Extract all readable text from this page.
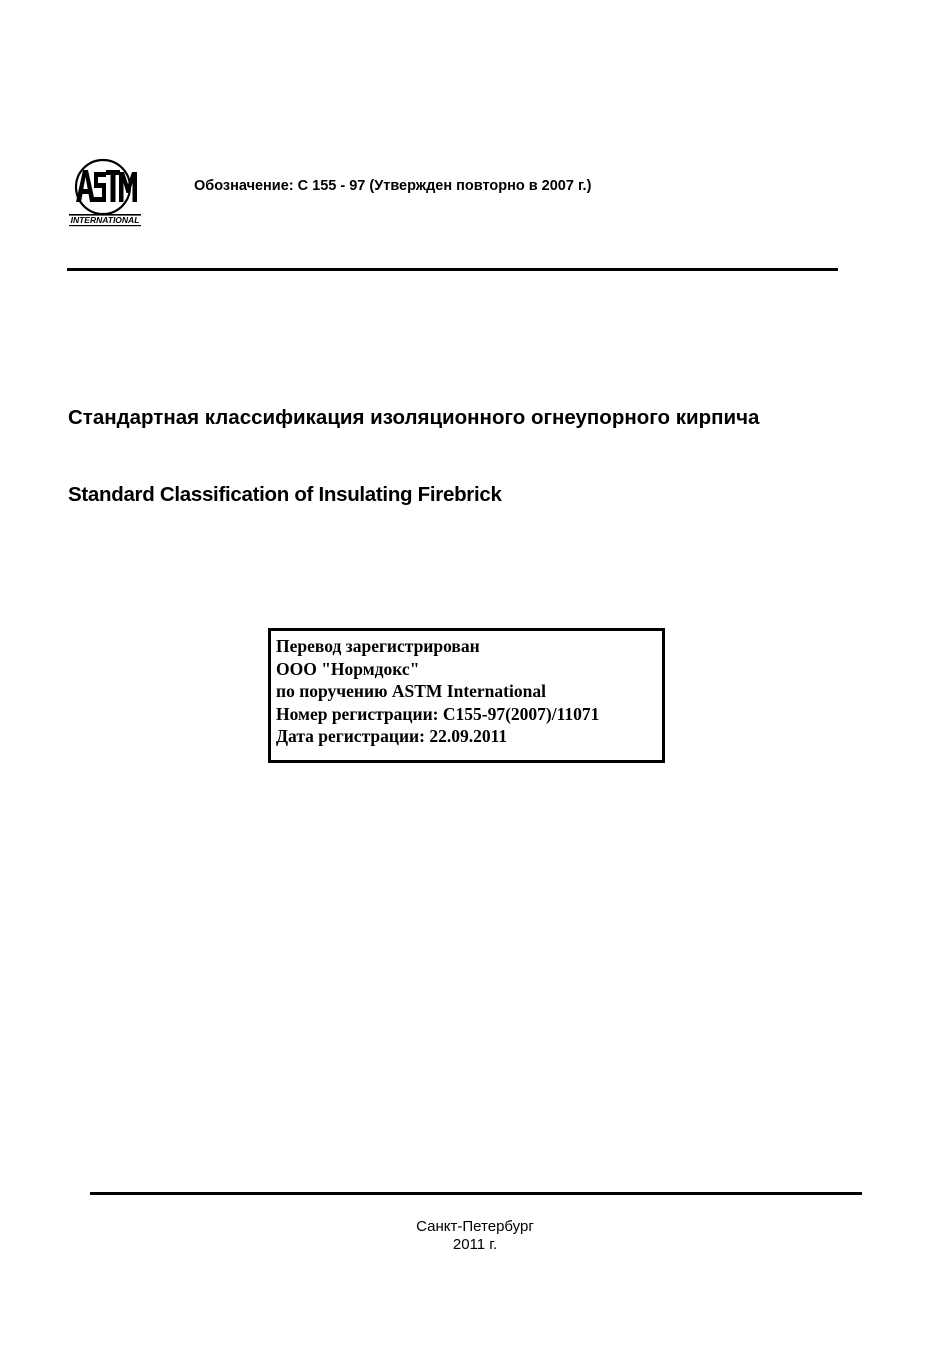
INTERNATIONAL
Обозначение: С 155 - 97 (Утвержден повторно в 2007 г.)
Стандартная классификация изоляционного огнеупорного кирпича
Standard Classification of Insulating Firebrick
Перевод зарегистрирован
ООО "Нормдокс"
по поручению ASTM International
Номер регистрации: C155-97(2007)/11071
Дата регистрации: 22.09.2011
Санкт-Петербург
2011 г.
